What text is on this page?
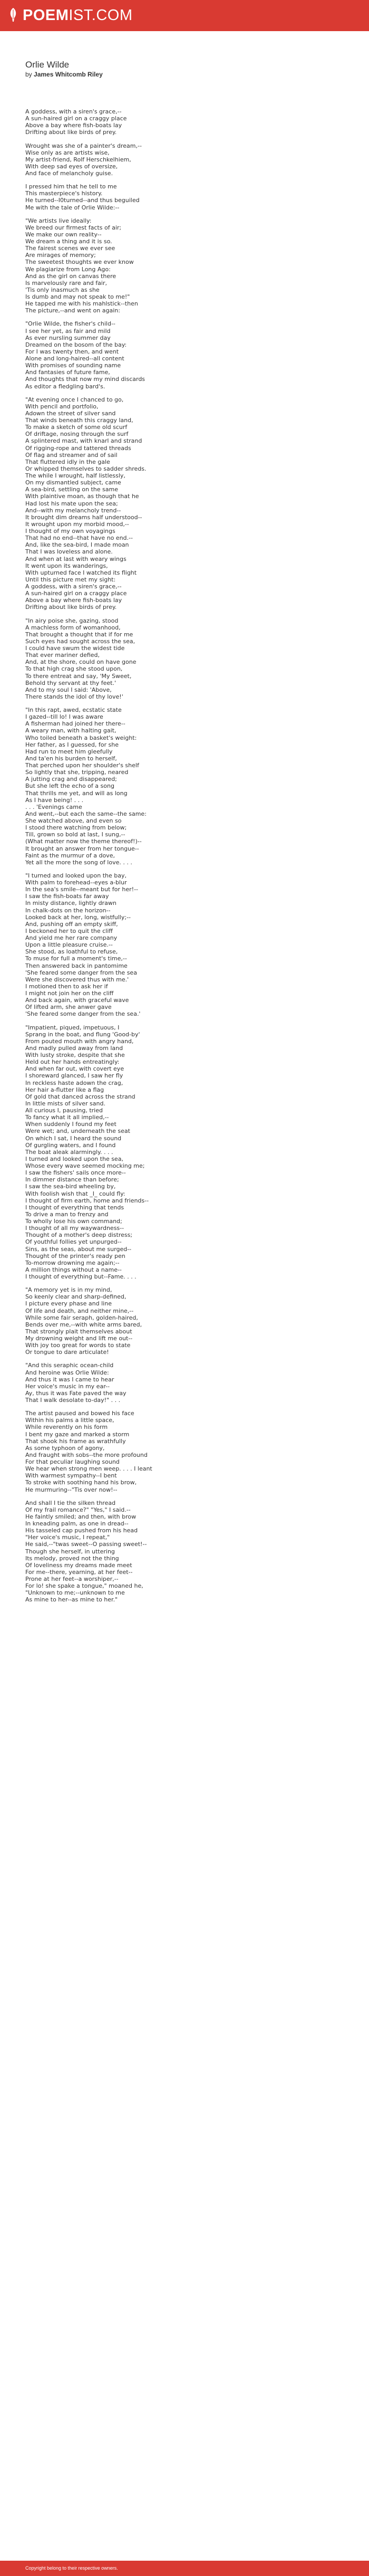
POEMIST.COM
Orlie Wilde

by James Whitcomb Riley

A goddess, with a siren's grace,--
A sun-haired girl on a craggy place
Above a bay where fish-boats lay
Drifting about like birds of prey.
Wrought was she of a painter's dream,--
Wise only as are artists wise,
My artist-friend, Rolf Herschkelhiem,
With deep sad eyes of oversize,
And face of melancholy guise.
I pressed him that he tell to me
This masterpiece's history.
He turned--I0turned--and thus beguiled
Me with the tale of Orlie Wilde:--
"We artists live ideally:
We breed our firmest facts of air;
We make our own reality--
We dream a thing and it is so.
The fairest scenes we ever see
Are mirages of memory;
The sweetest thoughts we ever know
We plagiarize from Long Ago:
And as the girl on canvas there
Is marvelously rare and fair,
'Tis only inasmuch as she
Is dumb and may not speak to me!"
He tapped me with his mahlstick--then
The picture,--and went on again:
"Orlie Wilde, the fisher's child--
I see her yet, as fair and mild
As ever nursling summer day
Dreamed on the bosom of the bay:
For I was twenty then, and went
Alone and long-haired--all content
With promises of sounding name
And fantasies of future fame,
And thoughts that now my mind discards
As editor a fledgling bard's.
"At evening once I chanced to go,
With pencil and portfolio,
Adown the street of silver sand
That winds beneath this craggy land,
To make a sketch of some old scurf
Of driftage, nosing through the surf
A splintered mast, with knarl and strand
Of rigging-rope and tattered threads
Of flag and streamer and of sail
That fluttered idly in the gale
Or whipped themselves to sadder shreds.
The while I wrought, half listlessly,
On my dismantled subject, came
A sea-bird, settling on the same
With plaintive moan, as though that he
Had lost his mate upon the sea;
And--with my melancholy trend--
It brought dim dreams half understood--
It wrought upon my morbid mood,--
I thought of my own voyagings
That had no end--that have no end.--
And, like the sea-bird, I made moan
That I was loveless and alone.
And when at last with weary wings
It went upon its wanderings,
With upturned face I watched its flight
Until this picture met my sight:
A goddess, with a siren's grace,--
A sun-haired girl on a craggy place
Above a bay where fish-boats lay
Drifting about like birds of prey.
"In airy poise she, gazing, stood
A machless form of womanhood,
That brought a thought that if for me
Such eyes had sought across the sea,
I could have swum the widest tide
That ever mariner defied,
And, at the shore, could on have gone
To that high crag she stood upon,
To there entreat and say, 'My Sweet,
Behold thy servant at thy feet.'
And to my soul I said: 'Above,
There stands the idol of thy love!'
"In this rapt, awed, ecstatic state
I gazed--till lo! I was aware
A fisherman had joined her there--
A weary man, with halting gait,
Who toiled beneath a basket's weight:
Her father, as I guessed, for she
Had run to meet him gleefully
And ta'en his burden to herself,
That perched upon her shoulder's shelf
So lightly that she, tripping, neared
A jutting crag and disappeared;
But she left the echo of a song
That thrills me yet, and will as long
As I have being! . . .
. . . 'Evenings came
And went,--but each the same--the same:
She watched above, and even so
I stood there watching from below;
Till, grown so bold at last, I sung,--
(What matter now the theme thereof!)--
It brought an answer from her tongue--
Faint as the murmur of a dove,
Yet all the more the song of love. . . .
"I turned and looked upon the bay,
With palm to forehead--eyes a-blur
In the sea's smile--meant but for her!--
I saw the fish-boats far away
In misty distance, lightly drawn
In chalk-dots on the horizon--
Looked back at her, long, wistfully;--
And, pushing off an empty skiff,
I beckoned her to quit the cliff
And yield me her rare company
Upon a little pleasure cruise.--
She stood, as loathful to refuse,
To muse for full a moment's time,--
Then answered back in pantomime
'She feared some danger from the sea
Were she discovered thus with me.'
I motioned then to ask her if
I might not join her on the cliff
And back again, with graceful wave
Of lifted arm, she anwer gave
'She feared some danger from the sea.'
"Impatient, piqued, impetuous, I
Sprang in the boat, and flung 'Good-by'
From pouted mouth with angry hand,
And madly pulled away from land
With lusty stroke, despite that she
Held out her hands entreatingly:
And when far out, with covert eye
I shoreward glanced, I saw her fly
In reckless haste adown the crag,
Her hair a-flutter like a flag
Of gold that danced across the strand
In little mists of silver sand.
All curious I, pausing, tried
To fancy what it all implied,--
When suddenly I found my feet
Were wet; and, underneath the seat
On which I sat, I heard the sound
Of gurgling waters, and I found
The boat aleak alarmingly. . . .
I turned and looked upon the sea,
Whose every wave seemed mocking me;
I saw the fishers' sails once more--
In dimmer distance than before;
I saw the sea-bird wheeling by,
With foolish wish that _I_ could fly:
I thought of firm earth, home and friends--
I thought of everything that tends
To drive a man to frenzy and
To wholly lose his own command;
I thought of all my waywardness--
Thought of a mother's deep distress;
Of youthful follies yet unpurged--
Sins, as the seas, about me surged--
Thought of the printer's ready pen
To-morrow drowning me again;--
A million things without a name--
I thought of everything but--Fame. . . .
"A memory yet is in my mind,
So keenly clear and sharp-defined,
I picture every phase and line
Of life and death, and neither mine,--
While some fair seraph, golden-haired,
Bends over me,--with white arms bared,
That strongly plait themselves about
My drowning weight and lift me out--
With joy too great for words to state
Or tongue to dare articulate!
"And this seraphic ocean-child
And heroine was Orlie Wilde:
And thus it was I came to hear
Her voice's music in my ear--
Ay, thus it was Fate paved the way
That I walk desolate to-day!" . . .
The artist paused and bowed his face
Within his palms a little space,
While reverently on his form
I bent my gaze and marked a storm
That shook his frame as wrathfully
As some typhoon of agony,
And fraught with sobs--the more profound
For that peculiar laughing sound
We hear when strong men weep. . . . I leant
With warmest sympathy--I bent
To stroke with soothing hand his brow,
He murmuring--"Tis over now!--
And shall I tie the silken thread
Of my frail romance?" "Yes," I said.--
He faintly smiled; and then, with brow
In kneading palm, as one in dread--
His tasseled cap pushed from his head
"Her voice's music, I repeat,"
He said,--"twas sweet--O passing sweet!--
Though she herself, in uttering
Its melody, proved not the thing
Of loveliness my dreams made meet
For me--there, yearning, at her feet--
Prone at her feet--a worshiper,--
For lo! she spake a tongue," moaned he,
"Unknown to me;--unknown to me
As mine to her--as mine to her."
Copyright belong to their respective owners.
